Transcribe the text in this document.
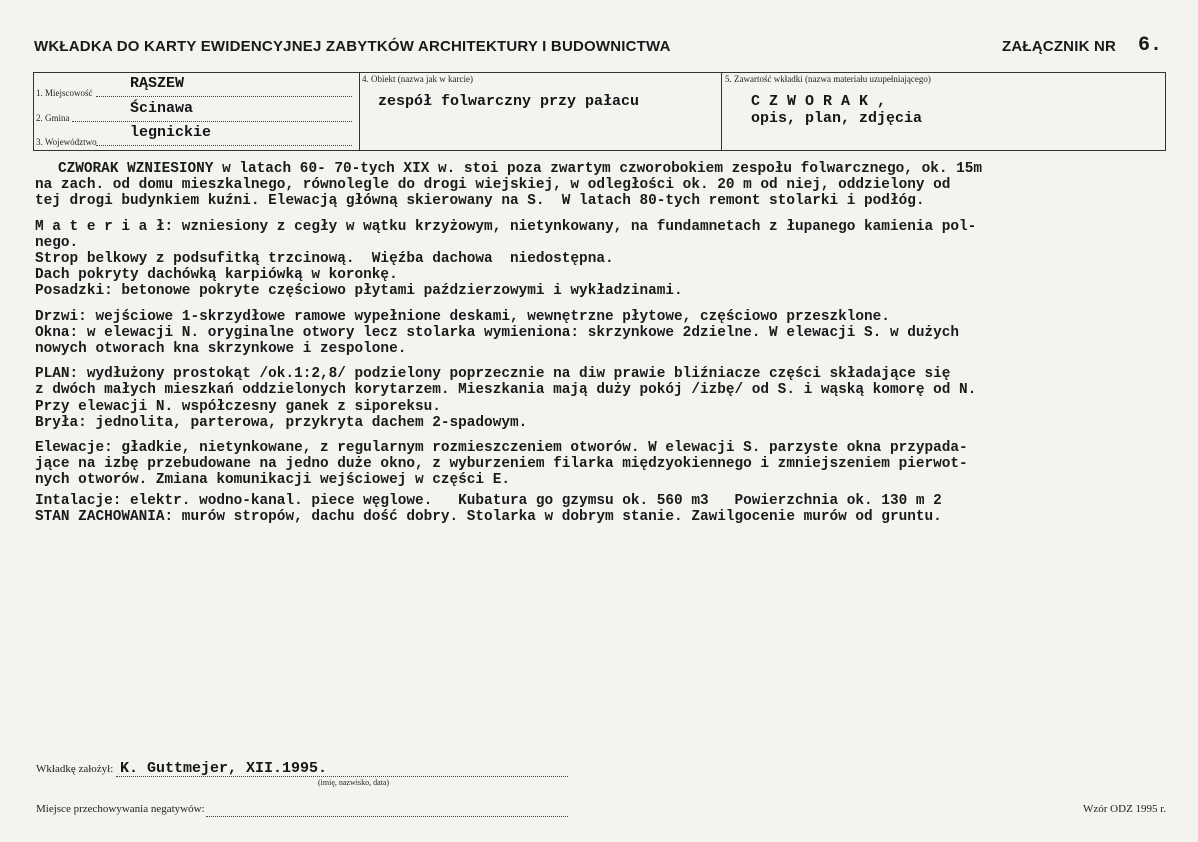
WKŁADKA DO KARTY EWIDENCYJNEJ ZABYTKÓW ARCHITEKTURY I BUDOWNICTWA	ZAŁĄCZNIK NR 6.
1. Miejscowość
RĄSZEW
2. Gmina
Ścinawa
3. Województwo
legnickie
4. Obiekt (nazwa jak w karcie)
zespół folwarczny przy pałacu
5. Zawartość wkładki (nazwa materiału uzupełniającego)
C Z W O R A K ,
opis, plan, zdjęcia

CZWORAK WZNIESIONY w latach 60- 70-tych XIX w. stoi poza zwartym czworobokiem zespołu folwarcznego, ok. 15m

na zach. od domu mieszkalnego, równolegle do drogi wiejskiej, w odległości ok. 20 m od niej, oddzielony od

tej drogi budynkiem kuźni. Elewacją główną skierowany na S.  W latach 80-tych remont stolarki i podłóg.

M a t e r i a ł: wzniesiony z cegły w wątku krzyżowym, nietynkowany, na fundamnetach z łupanego kamienia pol-

nego.

Strop belkowy z podsufitką trzcinową.  Więźba dachowa  niedostępna.

Dach pokryty dachówką karpiówką w koronkę.

Posadzki: betonowe pokryte częściowo płytami paździerzowymi i wykładzinami.

Drzwi: wejściowe 1-skrzydłowe ramowe wypełnione deskami, wewnętrzne płytowe, częściowo przeszklone.

Okna: w elewacji N. oryginalne otwory lecz stolarka wymieniona: skrzynkowe 2dzielne. W elewacji S. w dużych

nowych otworach kna skrzynkowe i zespolone.

PLAN: wydłużony prostokąt /ok.1:2,8/ podzielony poprzecznie na diw prawie bliźniacze części składające się

z dwóch małych mieszkań oddzielonych korytarzem. Mieszkania mają duży pokój /izbę/ od S. i wąską komorę od N.

Przy elewacji N. współczesny ganek z siporeksu.

Bryła: jednolita, parterowa, przykryta dachem 2-spadowym.

Elewacje: gładkie, nietynkowane, z regularnym rozmieszczeniem otworów. W elewacji S. parzyste okna przypada-

jące na izbę przebudowane na jedno duże okno, z wyburzeniem filarka międzyokiennego i zmniejszeniem pierwot-

nych otworów. Zmiana komunikacji wejściowej w części E.

Intalacje: elektr. wodno-kanal. piece węglowe.   Kubatura go gzymsu ok. 560 m3   Powierzchnia ok. 130 m 2

STAN ZACHOWANIA: murów stropów, dachu dość dobry. Stolarka w dobrym stanie. Zawilgocenie murów od gruntu.

Wkładkę założył: K. Guttmejer, XII.1995.
(imię, nazwisko, data)
Miejsce przechowywania negatywów:	Wzór ODZ 1995 r.
